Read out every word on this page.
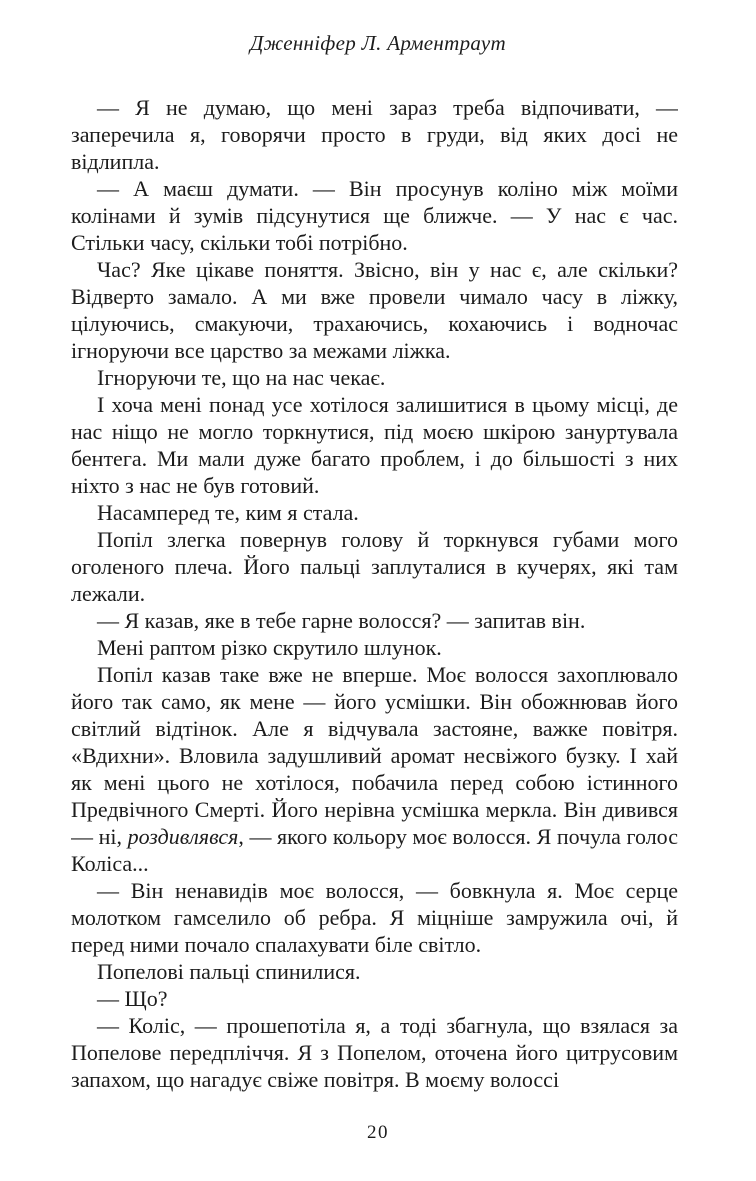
Дженніфер Л. Арментраут

— Я не думаю, що мені зараз треба відпочивати, — заперечила я, говорячи просто в груди, від яких досі не відлипла.

— А маєш думати. — Він просунув коліно між моїми колінами й зумів підсунутися ще ближче. — У нас є час. Стільки часу, скільки тобі потрібно.

Час? Яке цікаве поняття. Звісно, він у нас є, але скільки? Відверто замало. А ми вже провели чимало часу в ліжку, цілуючись, смакуючи, трахаючись, кохаючись і водночас ігноруючи все царство за межами ліжка.

Ігноруючи те, що на нас чекає.

І хоча мені понад усе хотілося залишитися в цьому місці, де нас ніщо не могло торкнутися, під моєю шкірою зануртувала бентега. Ми мали дуже багато проблем, і до більшості з них ніхто з нас не був готовий.

Насамперед те, ким я стала.

Попіл злегка повернув голову й торкнувся губами мого оголеного плеча. Його пальці заплуталися в кучерях, які там лежали.

— Я казав, яке в тебе гарне волосся? — запитав він.

Мені раптом різко скрутило шлунок.

Попіл казав таке вже не вперше. Моє волосся захоплювало його так само, як мене — його усмішки. Він обожнював його світлий відтінок. Але я відчувала застояне, важке повітря. «Вдихни». Вловила задушливий аромат несвіжого бузку. І хай як мені цього не хотілося, побачила перед собою істинного Предвічного Смерті. Його нерівна усмішка меркла. Він дивився — ні, роздивлявся, — якого кольору моє волосся. Я почула голос Коліса...

— Він ненавидів моє волосся, — бовкнула я. Моє серце молотком гамселило об ребра. Я міцніше замружила очі, й перед ними почало спалахувати біле світло.

Попелові пальці спинилися.

— Що?

— Коліс, — прошепотіла я, а тоді збагнула, що взялася за Попелове передпліччя. Я з Попелом, оточена його цитрусовим запахом, що нагадує свіже повітря. В моєму волоссі

20
